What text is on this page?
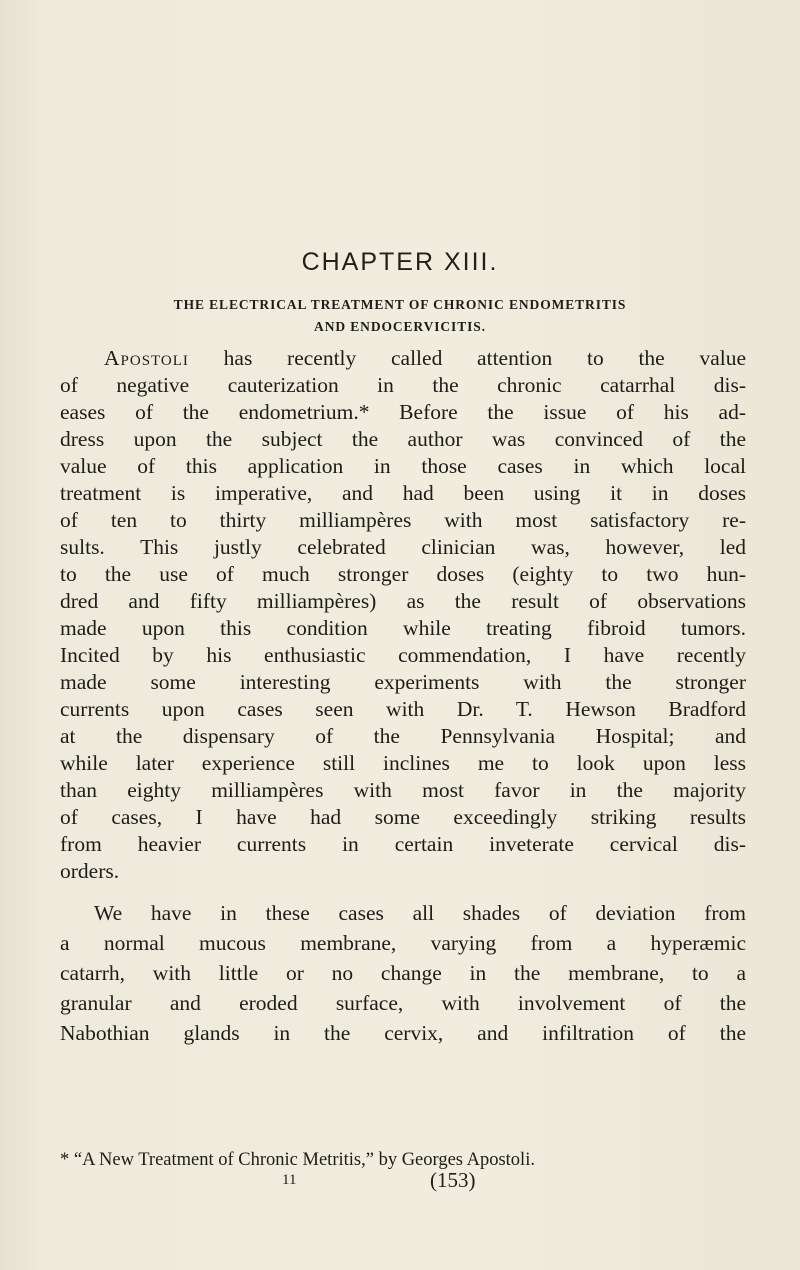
CHAPTER XIII.
THE ELECTRICAL TREATMENT OF CHRONIC ENDOMETRITIS
AND ENDOCERVICITIS.
Apostoli has recently called attention to the value
of negative cauterization in the chronic catarrhal dis-
eases of the endometrium.* Before the issue of his ad-
dress upon the subject the author was convinced of the
value of this application in those cases in which local
treatment is imperative, and had been using it in doses
of ten to thirty milliampères with most satisfactory re-
sults. This justly celebrated clinician was, however, led
to the use of much stronger doses (eighty to two hun-
dred and fifty milliampères) as the result of observations
made upon this condition while treating fibroid tumors.
Incited by his enthusiastic commendation, I have recently
made some interesting experiments with the stronger
currents upon cases seen with Dr. T. Hewson Bradford
at the dispensary of the Pennsylvania Hospital; and
while later experience still inclines me to look upon less
than eighty milliampères with most favor in the majority
of cases, I have had some exceedingly striking results
from heavier currents in certain inveterate cervical dis-
orders.
We have in these cases all shades of deviation from
a normal mucous membrane, varying from a hyperæmic
catarrh, with little or no change in the membrane, to a
granular and eroded surface, with involvement of the
Nabothian glands in the cervix, and infiltration of the
* “A New Treatment of Chronic Metritis,” by Georges Apostoli.
11	(153)
